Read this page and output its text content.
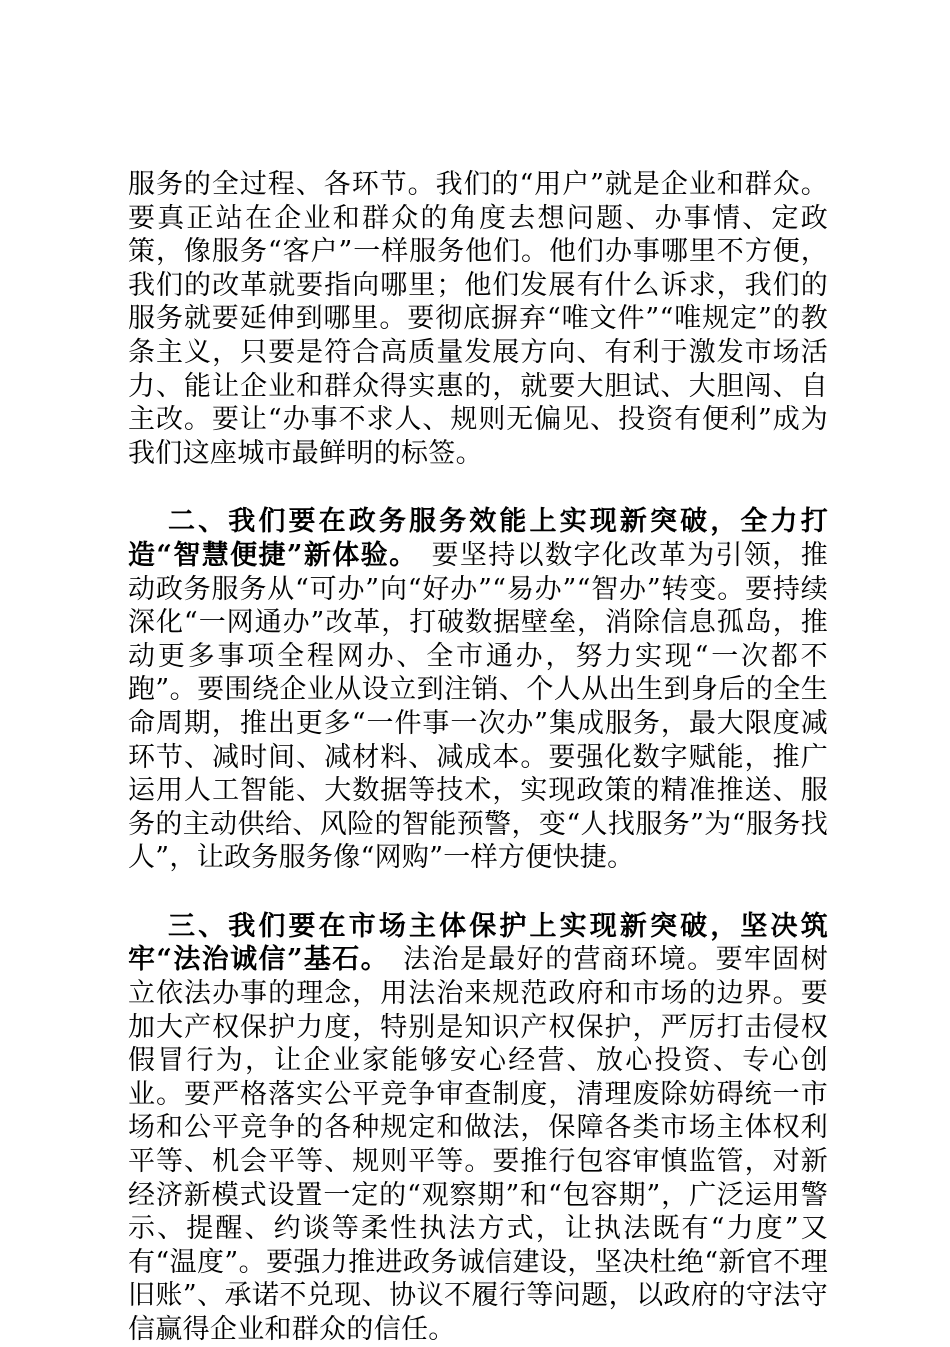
服务的全过程、各环节。我们的“用户”就是企业和群众。要真正站在企业和群众的角度去想问题、办事情、定政策，像服务“客户”一样服务他们。他们办事哪里不方便，我们的改革就要指向哪里；他们发展有什么诉求，我们的服务就要延伸到哪里。要彻底摒弃“唯文件”“唯规定”的教条主义，只要是符合高质量发展方向、有利于激发市场活力、能让企业和群众得实惠的，就要大胆试、大胆闯、自主改。要让“办事不求人、规则无偏见、投资有便利”成为我们这座城市最鲜明的标签。

二、我们要在政务服务效能上实现新突破，全力打造“智慧便捷”新体验。 要坚持以数字化改革为引领，推动政务服务从“可办”向“好办”“易办”“智办”转变。要持续深化“一网通办”改革，打破数据壁垒，消除信息孤岛，推动更多事项全程网办、全市通办，努力实现“一次都不跑”。要围绕企业从设立到注销、个人从出生到身后的全生命周期，推出更多“一件事一次办”集成服务，最大限度减环节、减时间、减材料、减成本。要强化数字赋能，推广运用人工智能、大数据等技术，实现政策的精准推送、服务的主动供给、风险的智能预警，变“人找服务”为“服务找人”，让政务服务像“网购”一样方便快捷。

三、我们要在市场主体保护上实现新突破，坚决筑牢“法治诚信”基石。 法治是最好的营商环境。要牢固树立依法办事的理念，用法治来规范政府和市场的边界。要加大产权保护力度，特别是知识产权保护，严厉打击侵权假冒行为，让企业家能够安心经营、放心投资、专心创业。要严格落实公平竞争审查制度，清理废除妨碍统一市场和公平竞争的各种规定和做法，保障各类市场主体权利平等、机会平等、规则平等。要推行包容审慎监管，对新经济新模式设置一定的“观察期”和“包容期”，广泛运用警示、提醒、约谈等柔性执法方式，让执法既有“力度”又有“温度”。要强力推进政务诚信建设，坚决杜绝“新官不理旧账”、承诺不兑现、协议不履行等问题，以政府的守法守信赢得企业和群众的信任。
